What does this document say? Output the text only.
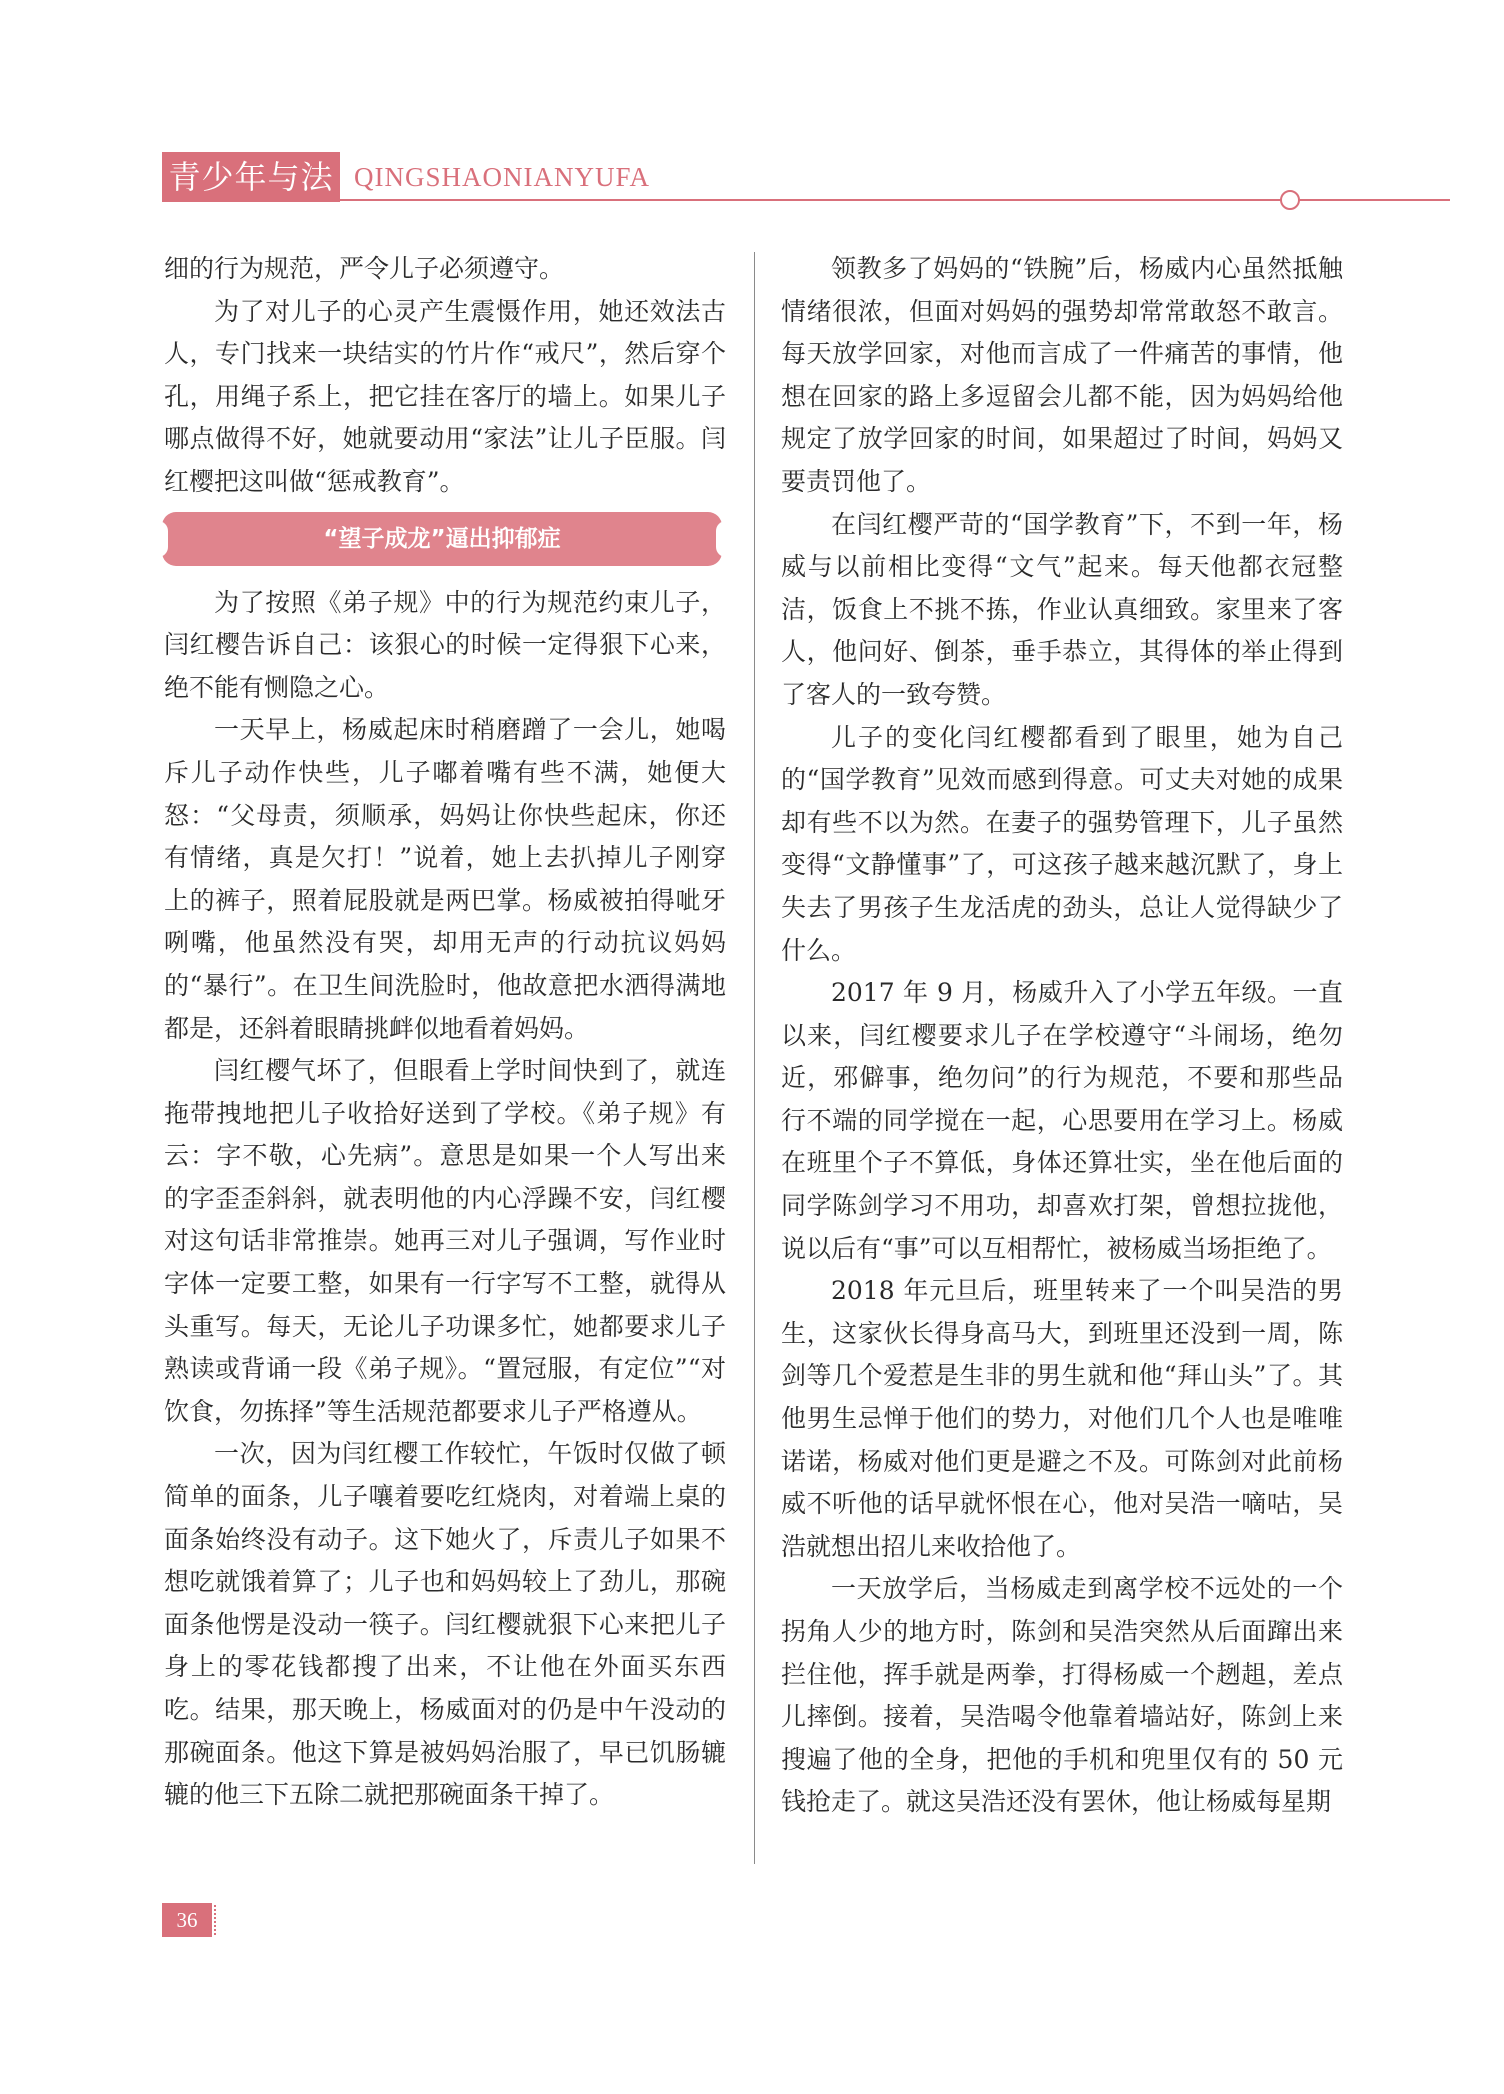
青少年与法 QINGSHAONIANYUFA

细的行为规范，严令儿子必须遵守。

为了对儿子的心灵产生震慑作用，她还效法古人，专门找来一块结实的竹片作“戒尺”，然后穿个孔，用绳子系上，把它挂在客厅的墙上。如果儿子哪点做得不好，她就要动用“家法”让儿子臣服。闫红樱把这叫做“惩戒教育”。

“望子成龙”逼出抑郁症

为了按照《弟子规》中的行为规范约束儿子，闫红樱告诉自己：该狠心的时候一定得狠下心来，绝不能有恻隐之心。

一天早上，杨威起床时稍磨蹭了一会儿，她喝斥儿子动作快些，儿子嘟着嘴有些不满，她便大怒：“父母责，须顺承，妈妈让你快些起床，你还有情绪，真是欠打！”说着，她上去扒掉儿子刚穿上的裤子，照着屁股就是两巴掌。杨威被拍得呲牙咧嘴，他虽然没有哭，却用无声的行动抗议妈妈的“暴行”。在卫生间洗脸时，他故意把水洒得满地都是，还斜着眼睛挑衅似地看着妈妈。

闫红樱气坏了，但眼看上学时间快到了，就连拖带拽地把儿子收拾好送到了学校。《弟子规》有云：字不敬，心先病”。意思是如果一个人写出来的字歪歪斜斜，就表明他的内心浮躁不安，闫红樱对这句话非常推崇。她再三对儿子强调，写作业时字体一定要工整，如果有一行字写不工整，就得从头重写。每天，无论儿子功课多忙，她都要求儿子熟读或背诵一段《弟子规》。“置冠服，有定位”“对饮食，勿拣择”等生活规范都要求儿子严格遵从。

一次，因为闫红樱工作较忙，午饭时仅做了顿简单的面条，儿子嚷着要吃红烧肉，对着端上桌的面条始终没有动子。这下她火了，斥责儿子如果不想吃就饿着算了；儿子也和妈妈较上了劲儿，那碗面条他愣是没动一筷子。闫红樱就狠下心来把儿子身上的零花钱都搜了出来，不让他在外面买东西吃。结果，那天晚上，杨威面对的仍是中午没动的那碗面条。他这下算是被妈妈治服了，早已饥肠辘辘的他三下五除二就把那碗面条干掉了。

领教多了妈妈的“铁腕”后，杨威内心虽然抵触情绪很浓，但面对妈妈的强势却常常敢怒不敢言。每天放学回家，对他而言成了一件痛苦的事情，他想在回家的路上多逗留会儿都不能，因为妈妈给他规定了放学回家的时间，如果超过了时间，妈妈又要责罚他了。

在闫红樱严苛的“国学教育”下，不到一年，杨威与以前相比变得“文气”起来。每天他都衣冠整洁，饭食上不挑不拣，作业认真细致。家里来了客人，他问好、倒茶，垂手恭立，其得体的举止得到了客人的一致夸赞。

儿子的变化闫红樱都看到了眼里，她为自己的“国学教育”见效而感到得意。可丈夫对她的成果却有些不以为然。在妻子的强势管理下，儿子虽然变得“文静懂事”了，可这孩子越来越沉默了，身上失去了男孩子生龙活虎的劲头，总让人觉得缺少了什么。

2017 年 9 月，杨威升入了小学五年级。一直以来，闫红樱要求儿子在学校遵守“斗闹场，绝勿近，邪僻事，绝勿问”的行为规范，不要和那些品行不端的同学搅在一起，心思要用在学习上。杨威在班里个子不算低，身体还算壮实，坐在他后面的同学陈剑学习不用功，却喜欢打架，曾想拉拢他，说以后有“事”可以互相帮忙，被杨威当场拒绝了。

2018 年元旦后，班里转来了一个叫吴浩的男生，这家伙长得身高马大，到班里还没到一周，陈剑等几个爱惹是生非的男生就和他“拜山头”了。其他男生忌惮于他们的势力，对他们几个人也是唯唯诺诺，杨威对他们更是避之不及。可陈剑对此前杨威不听他的话早就怀恨在心，他对吴浩一嘀咕，吴浩就想出招儿来收拾他了。

一天放学后，当杨威走到离学校不远处的一个拐角人少的地方时，陈剑和吴浩突然从后面蹿出来拦住他，挥手就是两拳，打得杨威一个趔趄，差点儿摔倒。接着，吴浩喝令他靠着墙站好，陈剑上来搜遍了他的全身，把他的手机和兜里仅有的 50 元钱抢走了。就这吴浩还没有罢休，他让杨威每星期

36
